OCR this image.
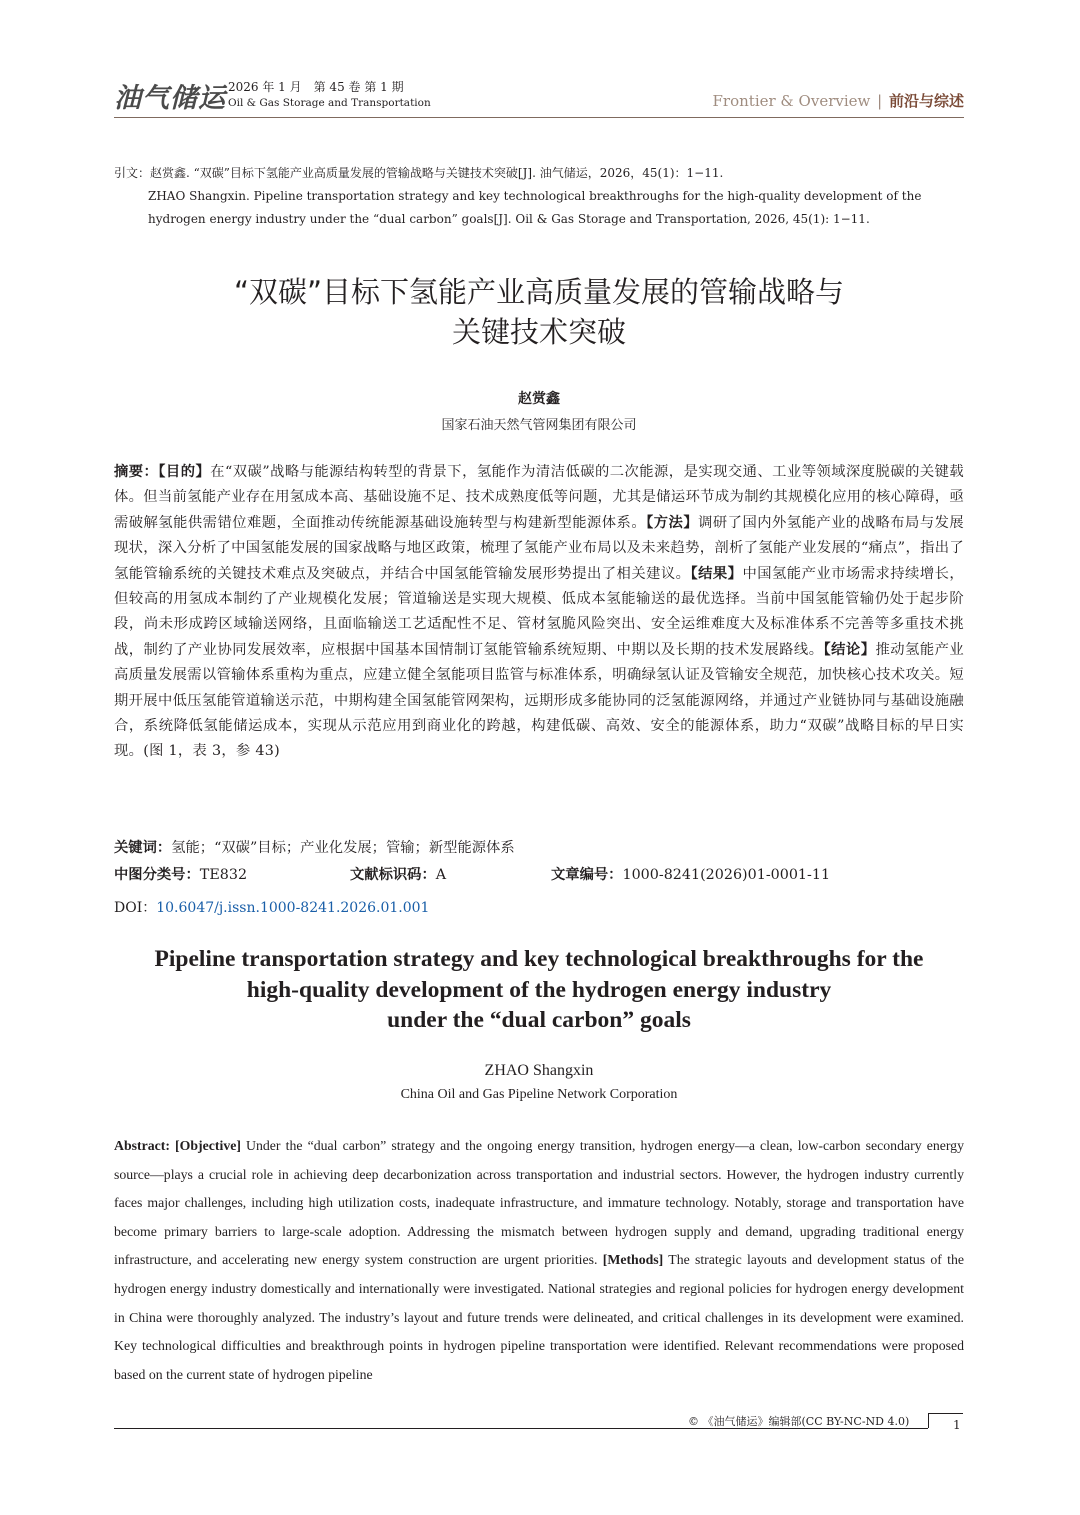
油气储运 2026 年 1 月　第 45 卷 第 1 期
Oil & Gas Storage and Transportation	Frontier & Overview | 前沿与综述
引文：赵赏鑫. “双碳”目标下氢能产业高质量发展的管输战略与关键技术突破[J]. 油气储运，2026，45(1)：1−11.
ZHAO Shangxin. Pipeline transportation strategy and key technological breakthroughs for the high-quality development of the hydrogen energy industry under the “dual carbon” goals[J]. Oil & Gas Storage and Transportation, 2026, 45(1): 1−11.
“双碳”目标下氢能产业高质量发展的管输战略与
关键技术突破
赵赏鑫
国家石油天然气管网集团有限公司
摘要：【目的】在“双碳”战略与能源结构转型的背景下，氢能作为清洁低碳的二次能源，是实现交通、工业等领域深度脱碳的关键载体。但当前氢能产业存在用氢成本高、基础设施不足、技术成熟度低等问题，尤其是储运环节成为制约其规模化应用的核心障碍，亟需破解氢能供需错位难题，全面推动传统能源基础设施转型与构建新型能源体系。【方法】调研了国内外氢能产业的战略布局与发展现状，深入分析了中国氢能发展的国家战略与地区政策，梳理了氢能产业布局以及未来趋势，剖析了氢能产业发展的“痛点”，指出了氢能管输系统的关键技术难点及突破点，并结合中国氢能管输发展形势提出了相关建议。【结果】中国氢能产业市场需求持续增长，但较高的用氢成本制约了产业规模化发展；管道输送是实现大规模、低成本氢能输送的最优选择。当前中国氢能管输仍处于起步阶段，尚未形成跨区域输送网络，且面临输送工艺适配性不足、管材氢脆风险突出、安全运维难度大及标准体系不完善等多重技术挑战，制约了产业协同发展效率，应根据中国基本国情制订氢能管输系统短期、中期以及长期的技术发展路线。【结论】推动氢能产业高质量发展需以管输体系重构为重点，应建立健全氢能项目监管与标准体系，明确绿氢认证及管输安全规范，加快核心技术攻关。短期开展中低压氢能管道输送示范，中期构建全国氢能管网架构，远期形成多能协同的泛氢能源网络，并通过产业链协同与基础设施融合，系统降低氢能储运成本，实现从示范应用到商业化的跨越，构建低碳、高效、安全的能源体系，助力“双碳”战略目标的早日实现。(图 1，表 3，参 43)
关键词：氢能；“双碳”目标；产业化发展；管输；新型能源体系
中图分类号：TE832	文献标识码：A	文章编号：1000-8241(2026)01-0001-11
DOI：10.6047/j.issn.1000-8241.2026.01.001
Pipeline transportation strategy and key technological breakthroughs for the
high-quality development of the hydrogen energy industry
under the “dual carbon” goals
ZHAO Shangxin
China Oil and Gas Pipeline Network Corporation
Abstract: [Objective] Under the “dual carbon” strategy and the ongoing energy transition, hydrogen energy—a clean, low-carbon secondary energy source—plays a crucial role in achieving deep decarbonization across transportation and industrial sectors. However, the hydrogen industry currently faces major challenges, including high utilization costs, inadequate infrastructure, and immature technology. Notably, storage and transportation have become primary barriers to large-scale adoption. Addressing the mismatch between hydrogen supply and demand, upgrading traditional energy infrastructure, and accelerating new energy system construction are urgent priorities. [Methods] The strategic layouts and development status of the hydrogen energy industry domestically and internationally were investigated. National strategies and regional policies for hydrogen energy development in China were thoroughly analyzed. The industry’s layout and future trends were delineated, and critical challenges in its development were examined. Key technological difficulties and breakthrough points in hydrogen pipeline transportation were identified. Relevant recommendations were proposed based on the current state of hydrogen pipeline
© 《油气储运》编辑部(CC BY-NC-ND 4.0)	1
